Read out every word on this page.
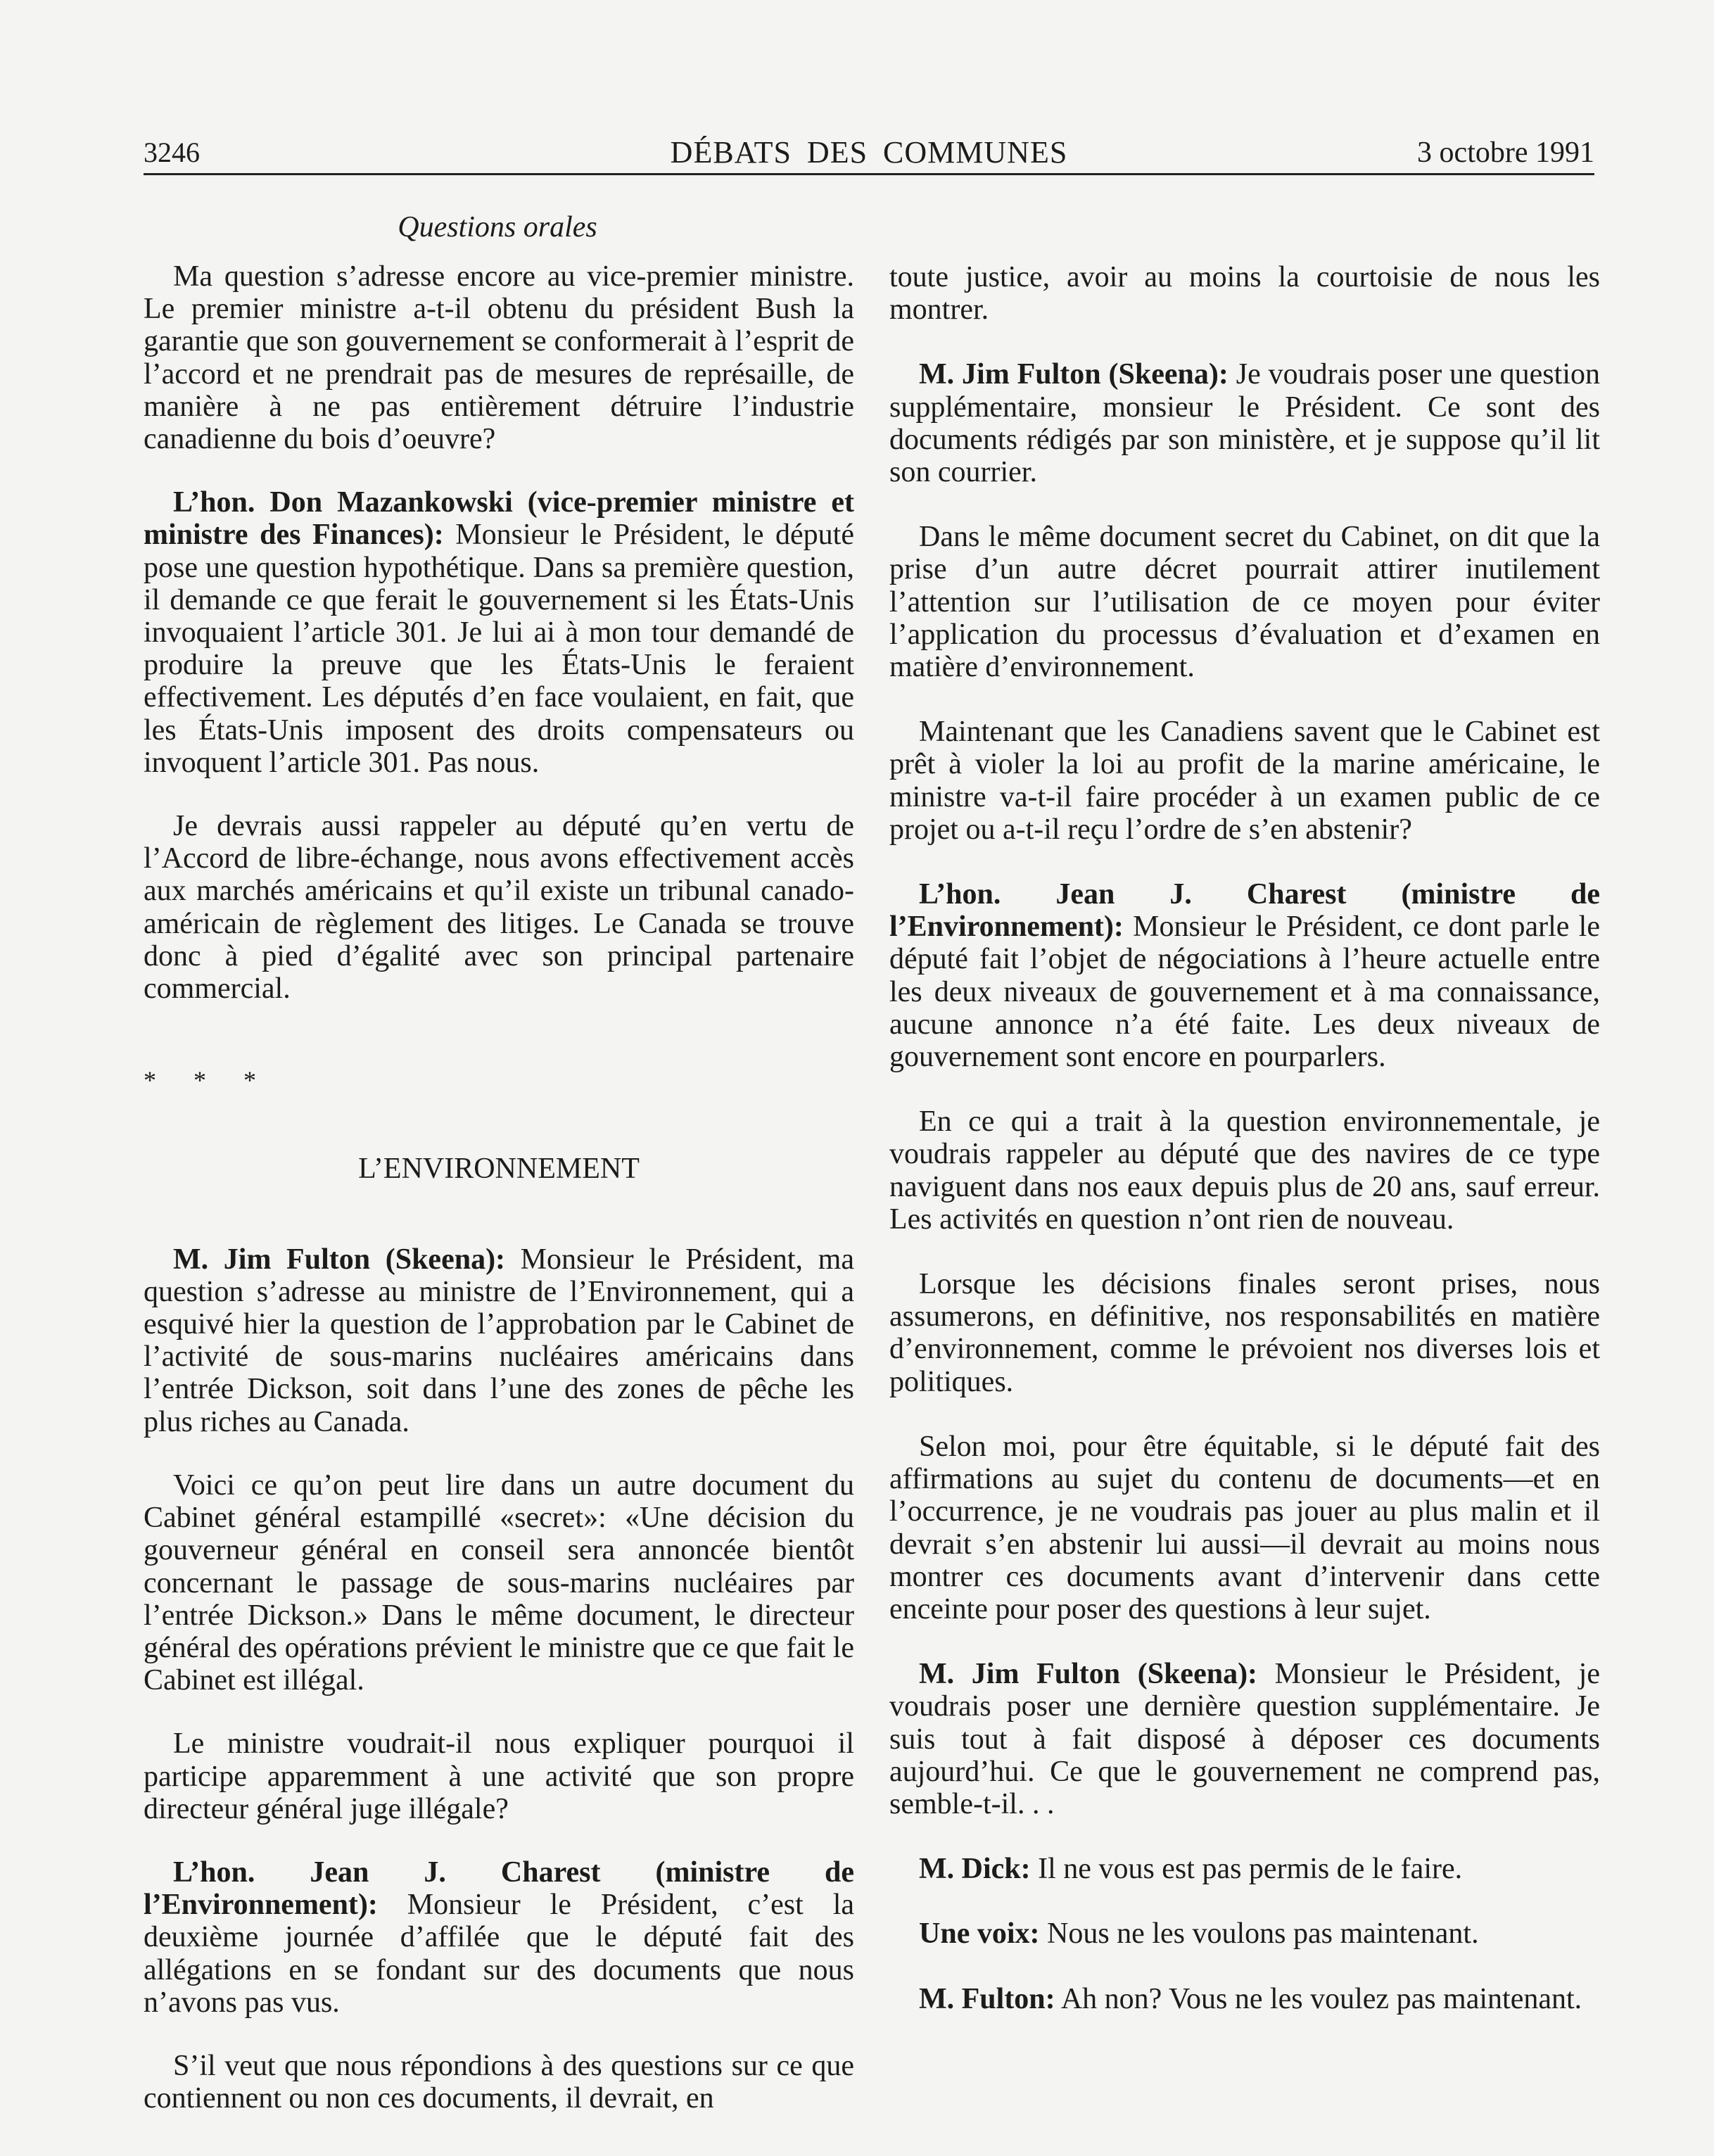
3246	DÉBATS DES COMMUNES	3 octobre 1991
Questions orales

Ma question s’adresse encore au vice-premier ministre. Le premier ministre a-t-il obtenu du président Bush la garantie que son gouvernement se conformerait à l’esprit de l’accord et ne prendrait pas de mesures de représaille, de manière à ne pas entièrement détruire l’industrie canadienne du bois d’oeuvre?

L’hon. Don Mazankowski (vice-premier ministre et ministre des Finances): Monsieur le Président, le député pose une question hypothétique. Dans sa première question, il demande ce que ferait le gouvernement si les États-Unis invoquaient l’article 301. Je lui ai à mon tour demandé de produire la preuve que les États-Unis le feraient effectivement. Les députés d’en face voulaient, en fait, que les États-Unis imposent des droits compensateurs ou invoquent l’article 301. Pas nous.

Je devrais aussi rappeler au député qu’en vertu de l’Accord de libre-échange, nous avons effectivement accès aux marchés américains et qu’il existe un tribunal canado-américain de règlement des litiges. Le Canada se trouve donc à pied d’égalité avec son principal partenaire commercial.

* * *

L’ENVIRONNEMENT

M. Jim Fulton (Skeena): Monsieur le Président, ma question s’adresse au ministre de l’Environnement, qui a esquivé hier la question de l’approbation par le Cabinet de l’activité de sous-marins nucléaires américains dans l’entrée Dickson, soit dans l’une des zones de pêche les plus riches au Canada.

Voici ce qu’on peut lire dans un autre document du Cabinet général estampillé «secret»: «Une décision du gouverneur général en conseil sera annoncée bientôt concernant le passage de sous-marins nucléaires par l’entrée Dickson.» Dans le même document, le directeur général des opérations prévient le ministre que ce que fait le Cabinet est illégal.

Le ministre voudrait-il nous expliquer pourquoi il participe apparemment à une activité que son propre directeur général juge illégale?

L’hon. Jean J. Charest (ministre de l’Environnement): Monsieur le Président, c’est la deuxième journée d’affilée que le député fait des allégations en se fondant sur des documents que nous n’avons pas vus.

S’il veut que nous répondions à des questions sur ce que contiennent ou non ces documents, il devrait, en

toute justice, avoir au moins la courtoisie de nous les montrer.

M. Jim Fulton (Skeena): Je voudrais poser une question supplémentaire, monsieur le Président. Ce sont des documents rédigés par son ministère, et je suppose qu’il lit son courrier.

Dans le même document secret du Cabinet, on dit que la prise d’un autre décret pourrait attirer inutilement l’attention sur l’utilisation de ce moyen pour éviter l’application du processus d’évaluation et d’examen en matière d’environnement.

Maintenant que les Canadiens savent que le Cabinet est prêt à violer la loi au profit de la marine américaine, le ministre va-t-il faire procéder à un examen public de ce projet ou a-t-il reçu l’ordre de s’en abstenir?

L’hon. Jean J. Charest (ministre de l’Environnement): Monsieur le Président, ce dont parle le député fait l’objet de négociations à l’heure actuelle entre les deux niveaux de gouvernement et à ma connaissance, aucune annonce n’a été faite. Les deux niveaux de gouvernement sont encore en pourparlers.

En ce qui a trait à la question environnementale, je voudrais rappeler au député que des navires de ce type naviguent dans nos eaux depuis plus de 20 ans, sauf erreur. Les activités en question n’ont rien de nouveau.

Lorsque les décisions finales seront prises, nous assumerons, en définitive, nos responsabilités en matière d’environnement, comme le prévoient nos diverses lois et politiques.

Selon moi, pour être équitable, si le député fait des affirmations au sujet du contenu de documents—et en l’occurrence, je ne voudrais pas jouer au plus malin et il devrait s’en abstenir lui aussi—il devrait au moins nous montrer ces documents avant d’intervenir dans cette enceinte pour poser des questions à leur sujet.

M. Jim Fulton (Skeena): Monsieur le Président, je voudrais poser une dernière question supplémentaire. Je suis tout à fait disposé à déposer ces documents aujourd’hui. Ce que le gouvernement ne comprend pas, semble-t-il. . .

M. Dick: Il ne vous est pas permis de le faire.

Une voix: Nous ne les voulons pas maintenant.

M. Fulton: Ah non? Vous ne les voulez pas maintenant.
